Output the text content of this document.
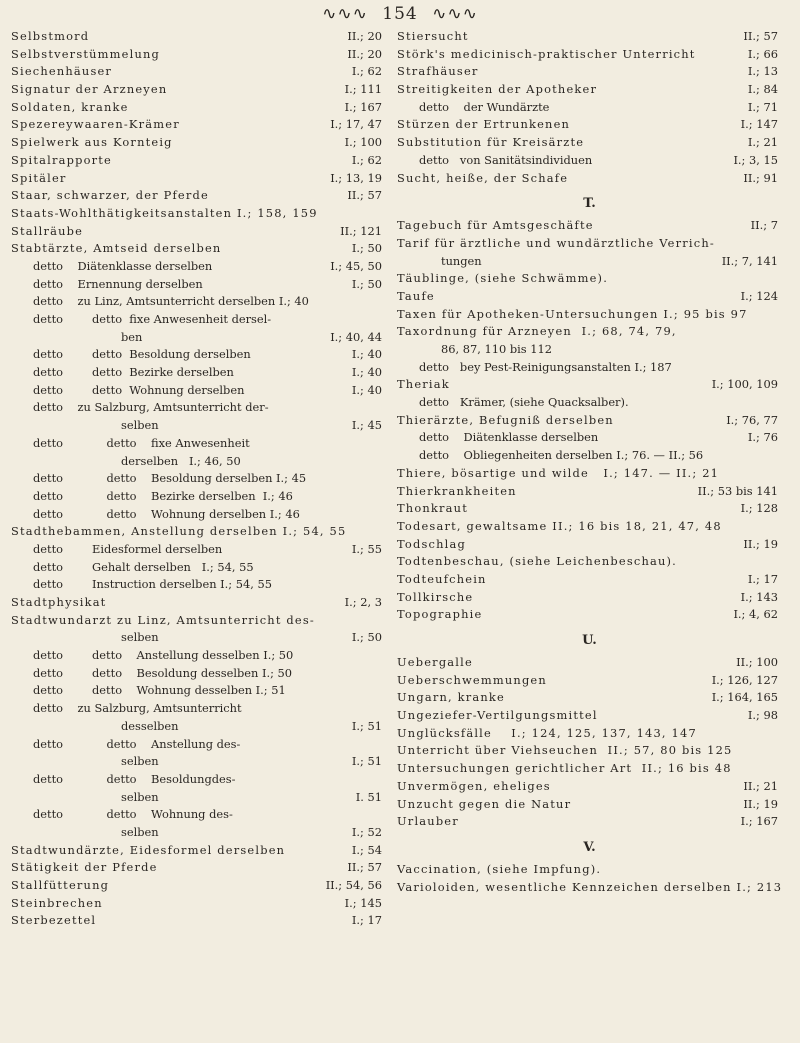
∿∿∿ 154 ∿∿∿
Selbstmord	II.; 20
Selbstverstümmelung	II.; 20
Siechenhäuser	I.; 62
Signatur der Arzneyen	I.; 111
Soldaten, kranke	I.; 167
Spezereywaaren-Krämer	I.; 17, 47
Spielwerk aus Kornteig	I.; 100
Spitalrapporte	I.; 62
Spitäler	I.; 13, 19
Staar, schwarzer, der Pferde	II.; 57
Staats-Wohlthätigkeitsanstalten I.; 158, 159
Stallräube	II.; 121
Stabtärzte, Amtseid derselben	I.; 50
detto    Diätenklasse derselben	I.; 45, 50
detto    Ernennung derselben	I.; 50
detto    zu Linz, Amtsunterricht derselben I.; 40
detto        detto  fixe Anwesenheit dersel-
ben	I.; 40, 44
detto        detto  Besoldung derselben	I.; 40
detto        detto  Bezirke derselben	I.; 40
detto        detto  Wohnung derselben	I.; 40
detto    zu Salzburg, Amtsunterricht der-
selben	I.; 45
detto            detto    fixe Anwesenheit
derselben   I.; 46, 50
detto            detto    Besoldung derselben I.; 45
detto            detto    Bezirke derselben  I.; 46
detto            detto    Wohnung derselben I.; 46
Stadthebammen, Anstellung derselben I.; 54, 55
detto        Eidesformel derselben	I.; 55
detto        Gehalt derselben   I.; 54, 55
detto        Instruction derselben I.; 54, 55
Stadtphysikat	I.; 2, 3
Stadtwundarzt zu Linz, Amtsunterricht des-
selben	I.; 50
detto        detto    Anstellung desselben I.; 50
detto        detto    Besoldung desselben I.; 50
detto        detto    Wohnung desselben I.; 51
detto    zu Salzburg, Amtsunterricht
desselben	I.; 51
detto            detto    Anstellung des-
selben	I.; 51
detto            detto    Besoldungdes-
selben	I. 51
detto            detto    Wohnung des-
selben	I.; 52
Stadtwundärzte, Eidesformel derselben	I.; 54
Stätigkeit der Pferde	II.; 57
Stallfütterung	II.; 54, 56
Steinbrechen	I.; 145
Sterbezettel	I.; 17
Stiersucht	II.; 57
Störk's medicinisch-praktischer Unterricht	I.; 66
Strafhäuser	I.; 13
Streitigkeiten der Apotheker	I.; 84
detto    der Wundärzte	I.; 71
Stürzen der Ertrunkenen	I.; 147
Substitution für Kreisärzte	I.; 21
detto   von Sanitätsindividuen	I.; 3, 15
Sucht, heiße, der Schafe	II.; 91
T.
Tagebuch für Amtsgeschäfte	II.; 7
Tarif für ärztliche und wundärztliche Verrich-
tungen	II.; 7, 141
Täublinge, (siehe Schwämme).
Taufe	I.; 124
Taxen für Apotheken-Untersuchungen I.; 95 bis 97
Taxordnung für Arzneyen  I.; 68, 74, 79,
86, 87, 110 bis 112
detto   bey Pest-Reinigungsanstalten I.; 187
Theriak	I.; 100, 109
detto   Krämer, (siehe Quacksalber).
Thierärzte, Befugniß derselben	I.; 76, 77
detto    Diätenklasse derselben	I.; 76
detto    Obliegenheiten derselben I.; 76. — II.; 56
Thiere, bösartige und wilde   I.; 147. — II.; 21
Thierkrankheiten	II.; 53 bis 141
Thonkraut	I.; 128
Todesart, gewaltsame II.; 16 bis 18, 21, 47, 48
Todschlag	II.; 19
Todtenbeschau, (siehe Leichenbeschau).
Todteufchein	I.; 17
Tollkirsche	I.; 143
Topographie	I.; 4, 62
U.
Uebergalle	II.; 100
Ueberschwemmungen	I.; 126, 127
Ungarn, kranke	I.; 164, 165
Ungeziefer-Vertilgungsmittel	I.; 98
Unglücksfälle    I.; 124, 125, 137, 143, 147
Unterricht über Viehseuchen  II.; 57, 80 bis 125
Untersuchungen gerichtlicher Art  II.; 16 bis 48
Unvermögen, eheliges	II.; 21
Unzucht gegen die Natur	II.; 19
Urlauber	I.; 167
V.
Vaccination, (siehe Impfung).
Varioloiden, wesentliche Kennzeichen derselben I.; 213
